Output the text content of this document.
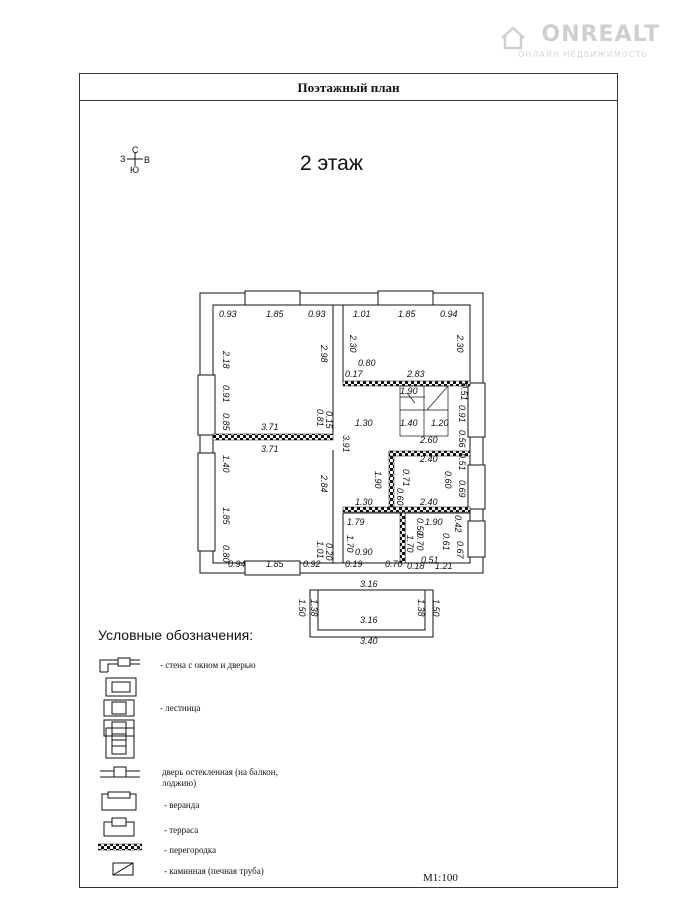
ONREALT
ОНЛАЙН НЕДВИЖИМОСТЬ
Поэтажный план
С
З В
Ю	2 этаж
0.93	1.85	0.93	1.01	1.85	0.94
2.18	2.98
2.30	2.30
0.80
0.17	2.83
0.91
0.85	0.81 0.15
3.71
3.71
1.30
1.90
1.40 1.20
0.91
0.51
2.60 0.56
3.91
2.40
1.40
2.84	0.71
1.90	0.60
0.51
1.30 0.60 2.40
0.69
1.85	1.79	1.90 0.42
0.50
0.61
1.70	1.70 0.70	0.67
0.90
1.01
0.51
0.80
0.94 1.85 0.92
0.20
0.19 0.70 0.18 1.21
3.16
1.50 1.38
3.16
1.38 1.50
3.40
Условные обозначения:
- стена с окном и дверью
- лестница
дверь остекленная (на балкон, лоджию)
- веранда
- терраса
- перегородка
- каминная (печная труба)
М1:100
